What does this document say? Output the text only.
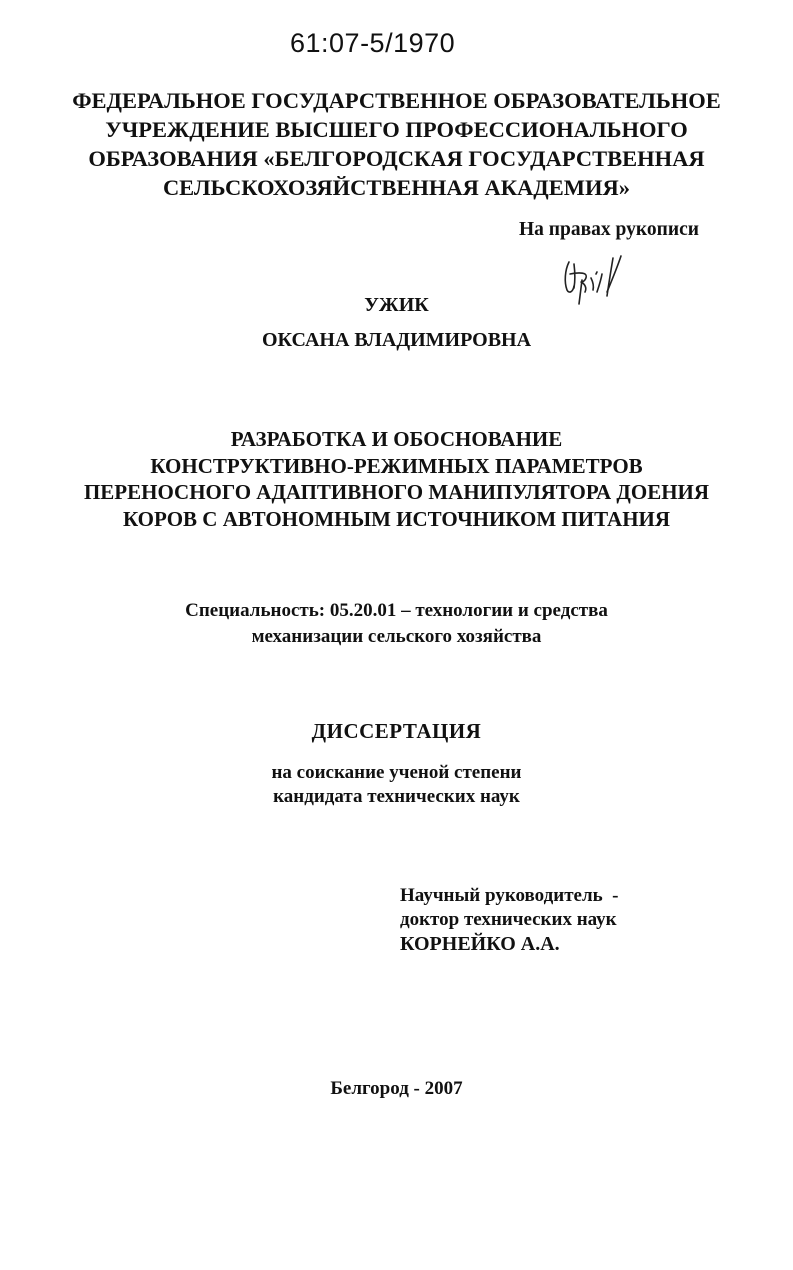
61:07-5/1970
ФЕДЕРАЛЬНОЕ ГОСУДАРСТВЕННОЕ ОБРАЗОВАТЕЛЬНОЕ
УЧРЕЖДЕНИЕ ВЫСШЕГО ПРОФЕССИОНАЛЬНОГО
ОБРАЗОВАНИЯ «БЕЛГОРОДСКАЯ ГОСУДАРСТВЕННАЯ
СЕЛЬСКОХОЗЯЙСТВЕННАЯ АКАДЕМИЯ»
На правах рукописи
УЖИК
ОКСАНА ВЛАДИМИРОВНА
РАЗРАБОТКА И ОБОСНОВАНИЕ
КОНСТРУКТИВНО-РЕЖИМНЫХ ПАРАМЕТРОВ
ПЕРЕНОСНОГО АДАПТИВНОГО МАНИПУЛЯТОРА ДОЕНИЯ
КОРОВ С АВТОНОМНЫМ ИСТОЧНИКОМ ПИТАНИЯ
Специальность: 05.20.01 – технологии и средства
механизации сельского хозяйства
ДИССЕРТАЦИЯ
на соискание ученой степени
кандидата технических наук
Научный руководитель  -
доктор технических наук
КОРНЕЙКО А.А.
Белгород - 2007
